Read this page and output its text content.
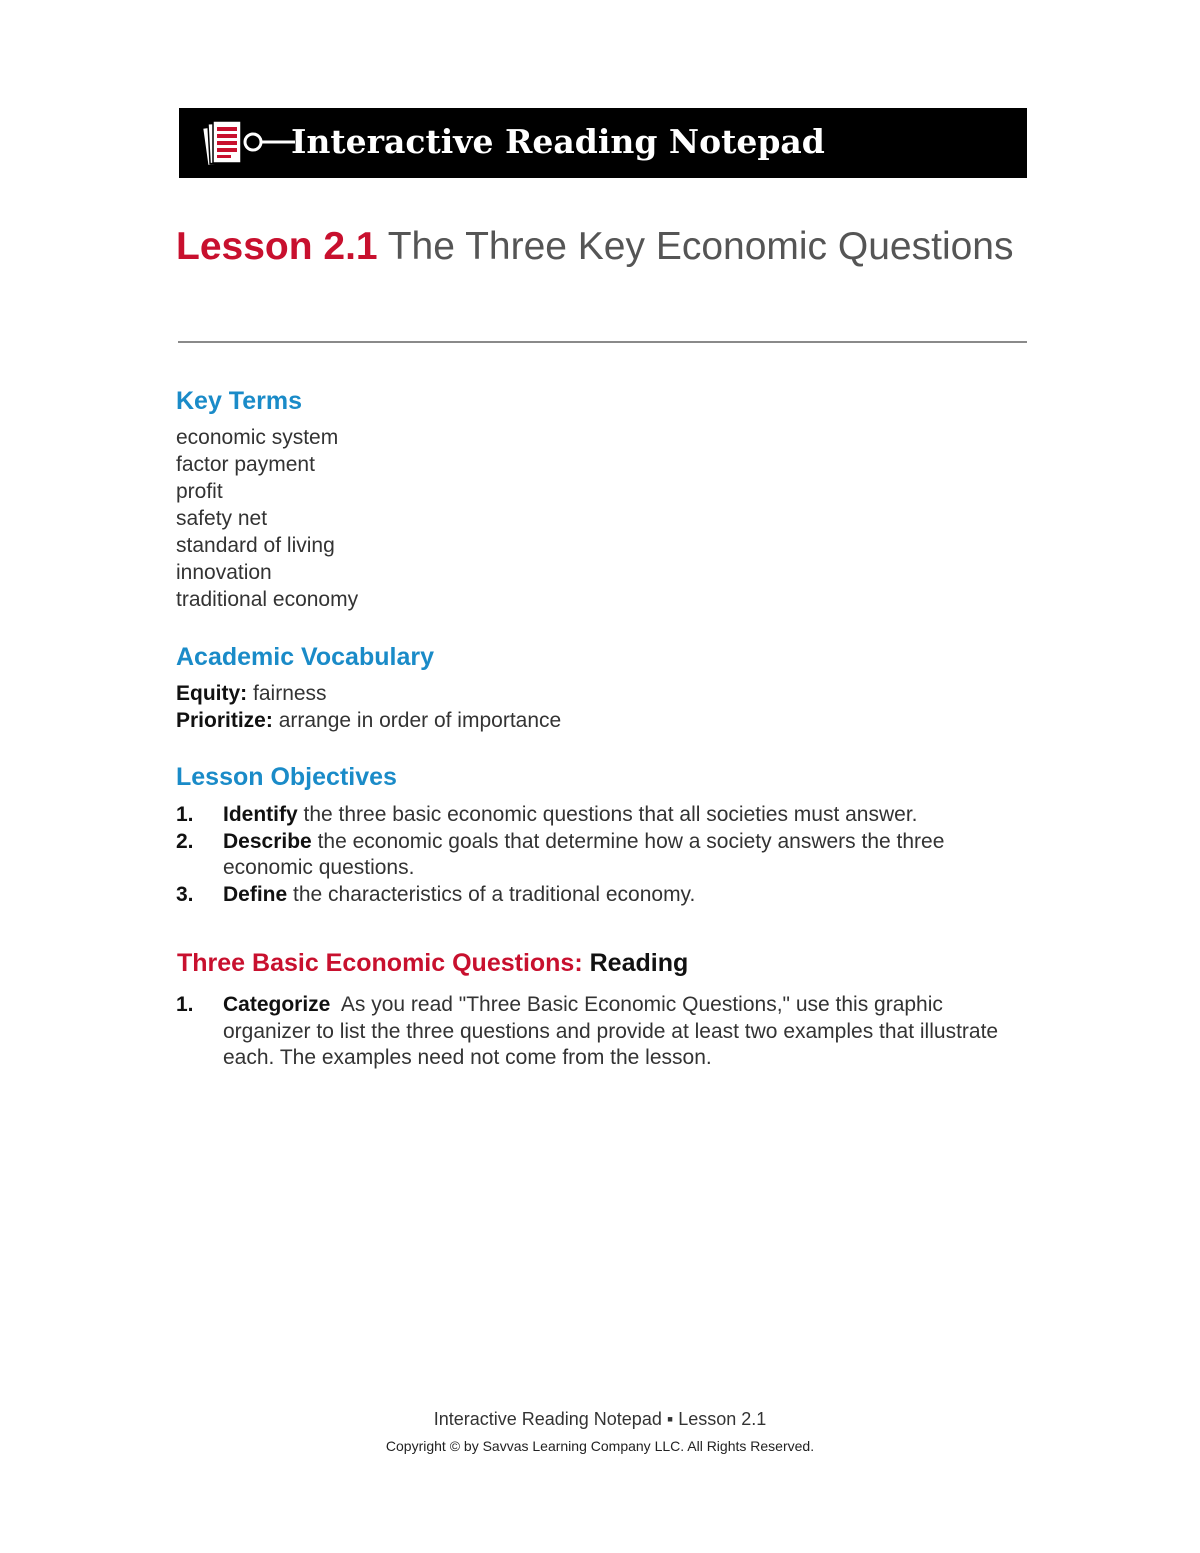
Interactive Reading Notepad
Lesson 2.1 The Three Key Economic Questions
Key Terms
economic system
factor payment
profit
safety net
standard of living
innovation
traditional economy
Academic Vocabulary
Equity: fairness
Prioritize: arrange in order of importance
Lesson Objectives
1. Identify the three basic economic questions that all societies must answer.
2. Describe the economic goals that determine how a society answers the three economic questions.
3. Define the characteristics of a traditional economy.
Three Basic Economic Questions: Reading
1. Categorize As you read "Three Basic Economic Questions," use this graphic organizer to list the three questions and provide at least two examples that illustrate each. The examples need not come from the lesson.
Interactive Reading Notepad ▪ Lesson 2.1
Copyright © by Savvas Learning Company LLC. All Rights Reserved.
